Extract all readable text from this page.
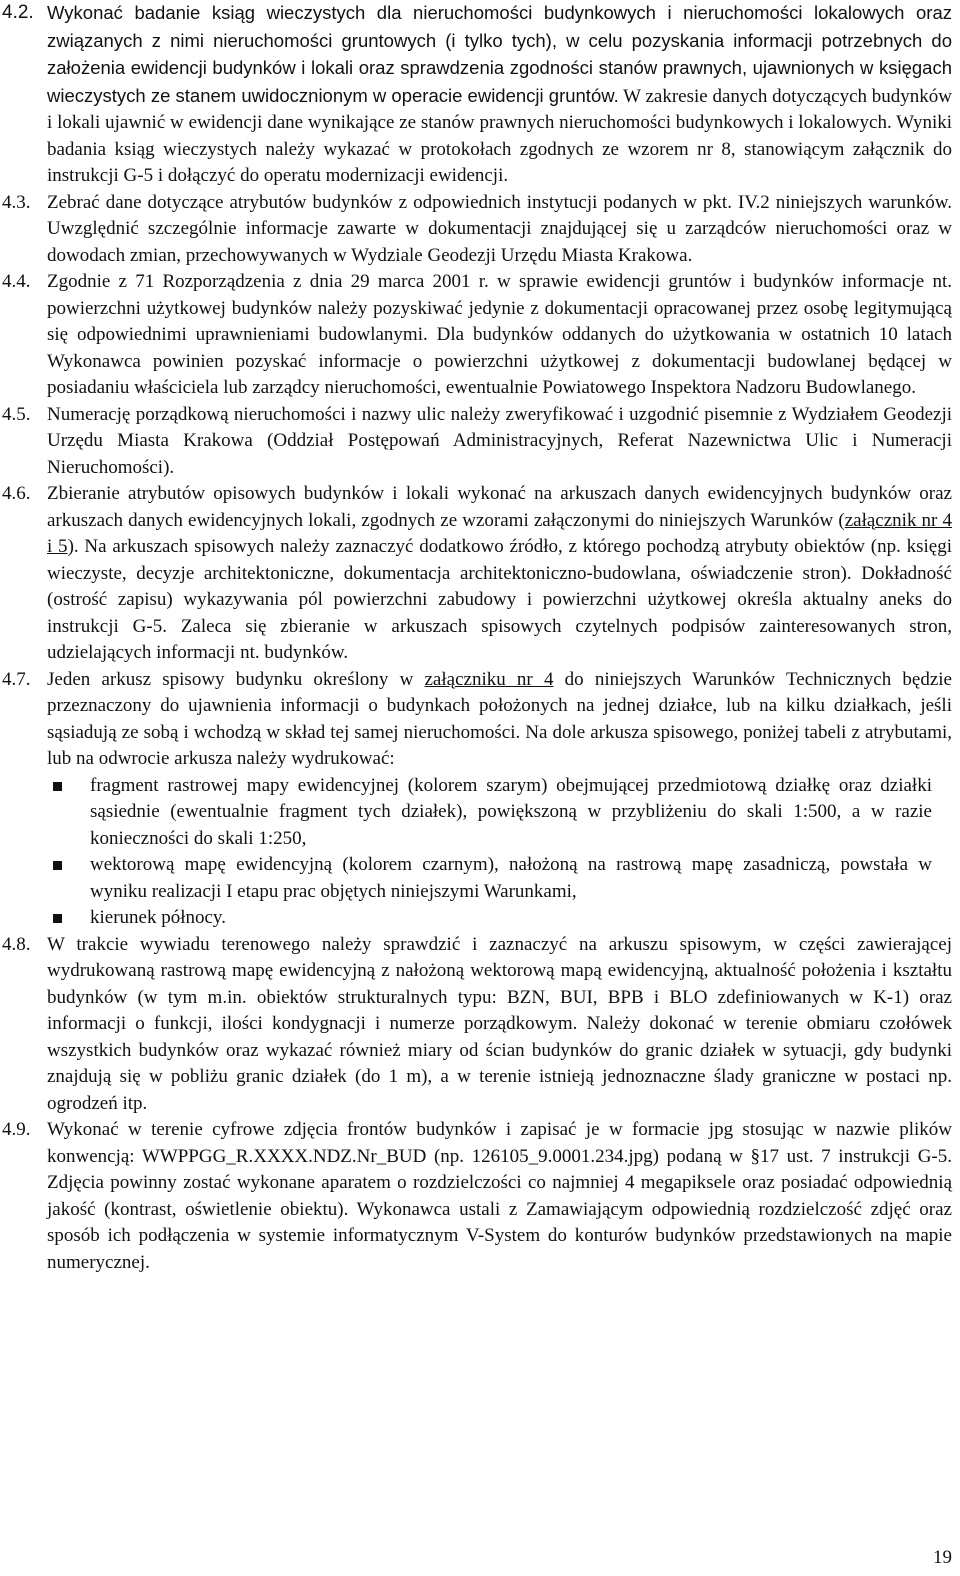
4.2. Wykonać badanie ksiąg wieczystych dla nieruchomości budynkowych i nieruchomości lokalowych oraz związanych z nimi nieruchomości gruntowych (i tylko tych), w celu pozyskania informacji potrzebnych do założenia ewidencji budynków i lokali oraz sprawdzenia zgodności stanów prawnych, ujawnionych w księgach wieczystych ze stanem uwidocznionym w operacie ewidencji gruntów. W zakresie danych dotyczących budynków i lokali ujawnić w ewidencji dane wynikające ze stanów prawnych nieruchomości budynkowych i lokalowych. Wyniki badania ksiąg wieczystych należy wykazać w protokołach zgodnych ze wzorem nr 8, stanowiącym załącznik do instrukcji G-5 i dołączyć do operatu modernizacji ewidencji.

4.3. Zebrać dane dotyczące atrybutów budynków z odpowiednich instytucji podanych w pkt. IV.2 niniejszych warunków. Uwzględnić szczególnie informacje zawarte w dokumentacji znajdującej się u zarządców nieruchomości oraz w dowodach zmian, przechowywanych w Wydziale Geodezji Urzędu Miasta Krakowa.

4.4. Zgodnie z 71 Rozporządzenia z dnia 29 marca 2001 r. w sprawie ewidencji gruntów i budynków informacje nt. powierzchni użytkowej budynków należy pozyskiwać jedynie z dokumentacji opracowanej przez osobę legitymującą się odpowiednimi uprawnieniami budowlanymi. Dla budynków oddanych do użytkowania w ostatnich 10 latach Wykonawca powinien pozyskać informacje o powierzchni użytkowej z dokumentacji budowlanej będącej w posiadaniu właściciela lub zarządcy nieruchomości, ewentualnie Powiatowego Inspektora Nadzoru Budowlanego.

4.5. Numerację porządkową nieruchomości i nazwy ulic należy zweryfikować i uzgodnić pisemnie z Wydziałem Geodezji Urzędu Miasta Krakowa (Oddział Postępowań Administracyjnych, Referat Nazewnictwa Ulic i Numeracji Nieruchomości).

4.6. Zbieranie atrybutów opisowych budynków i lokali wykonać na arkuszach danych ewidencyjnych budynków oraz arkuszach danych ewidencyjnych lokali, zgodnych ze wzorami załączonymi do niniejszych Warunków (załącznik nr 4 i 5). Na arkuszach spisowych należy zaznaczyć dodatkowo źródło, z którego pochodzą atrybuty obiektów (np. księgi wieczyste, decyzje architektoniczne, dokumentacja architektoniczno-budowlana, oświadczenie stron). Dokładność (ostrość zapisu) wykazywania pól powierzchni zabudowy i powierzchni użytkowej określa aktualny aneks do instrukcji G-5. Zaleca się zbieranie w arkuszach spisowych czytelnych podpisów zainteresowanych stron, udzielających informacji nt. budynków.

4.7. Jeden arkusz spisowy budynku określony w załączniku nr 4 do niniejszych Warunków Technicznych będzie przeznaczony do ujawnienia informacji o budynkach położonych na jednej działce, lub na kilku działkach, jeśli sąsiadują ze sobą i wchodzą w skład tej samej nieruchomości. Na dole arkusza spisowego, poniżej tabeli z atrybutami, lub na odwrocie arkusza należy wydrukować:

fragment rastrowej mapy ewidencyjnej (kolorem szarym) obejmującej przedmiotową działkę oraz działki sąsiednie (ewentualnie fragment tych działek), powiększoną w przybliżeniu do skali 1:500, a w razie konieczności do skali 1:250,
wektorową mapę ewidencyjną (kolorem czarnym), nałożoną na rastrową mapę zasadniczą, powstała w wyniku realizacji I etapu prac objętych niniejszymi Warunkami,
kierunek północy.
4.8. W trakcie wywiadu terenowego należy sprawdzić i zaznaczyć na arkuszu spisowym, w części zawierającej wydrukowaną rastrową mapę ewidencyjną z nałożoną wektorową mapą ewidencyjną, aktualność położenia i kształtu budynków (w tym m.in. obiektów strukturalnych typu: BZN, BUI, BPB i BLO zdefiniowanych w K-1) oraz informacji o funkcji, ilości kondygnacji i numerze porządkowym. Należy dokonać w terenie obmiaru czołówek wszystkich budynków oraz wykazać również miary od ścian budynków do granic działek w sytuacji, gdy budynki znajdują się w pobliżu granic działek (do 1 m), a w terenie istnieją jednoznaczne ślady graniczne w postaci np. ogrodzeń itp.

4.9. Wykonać w terenie cyfrowe zdjęcia frontów budynków i zapisać je w formacie jpg stosując w nazwie plików konwencją: WWPPGG_R.XXXX.NDZ.Nr_BUD (np. 126105_9.0001.234.jpg) podaną w §17 ust. 7 instrukcji G-5. Zdjęcia powinny zostać wykonane aparatem o rozdzielczości co najmniej 4 megapiksele oraz posiadać odpowiednią jakość (kontrast, oświetlenie obiektu). Wykonawca ustali z Zamawiającym odpowiednią rozdzielczość zdjęć oraz sposób ich podłączenia w systemie informatycznym V-System do konturów budynków przedstawionych na mapie numerycznej.

19
